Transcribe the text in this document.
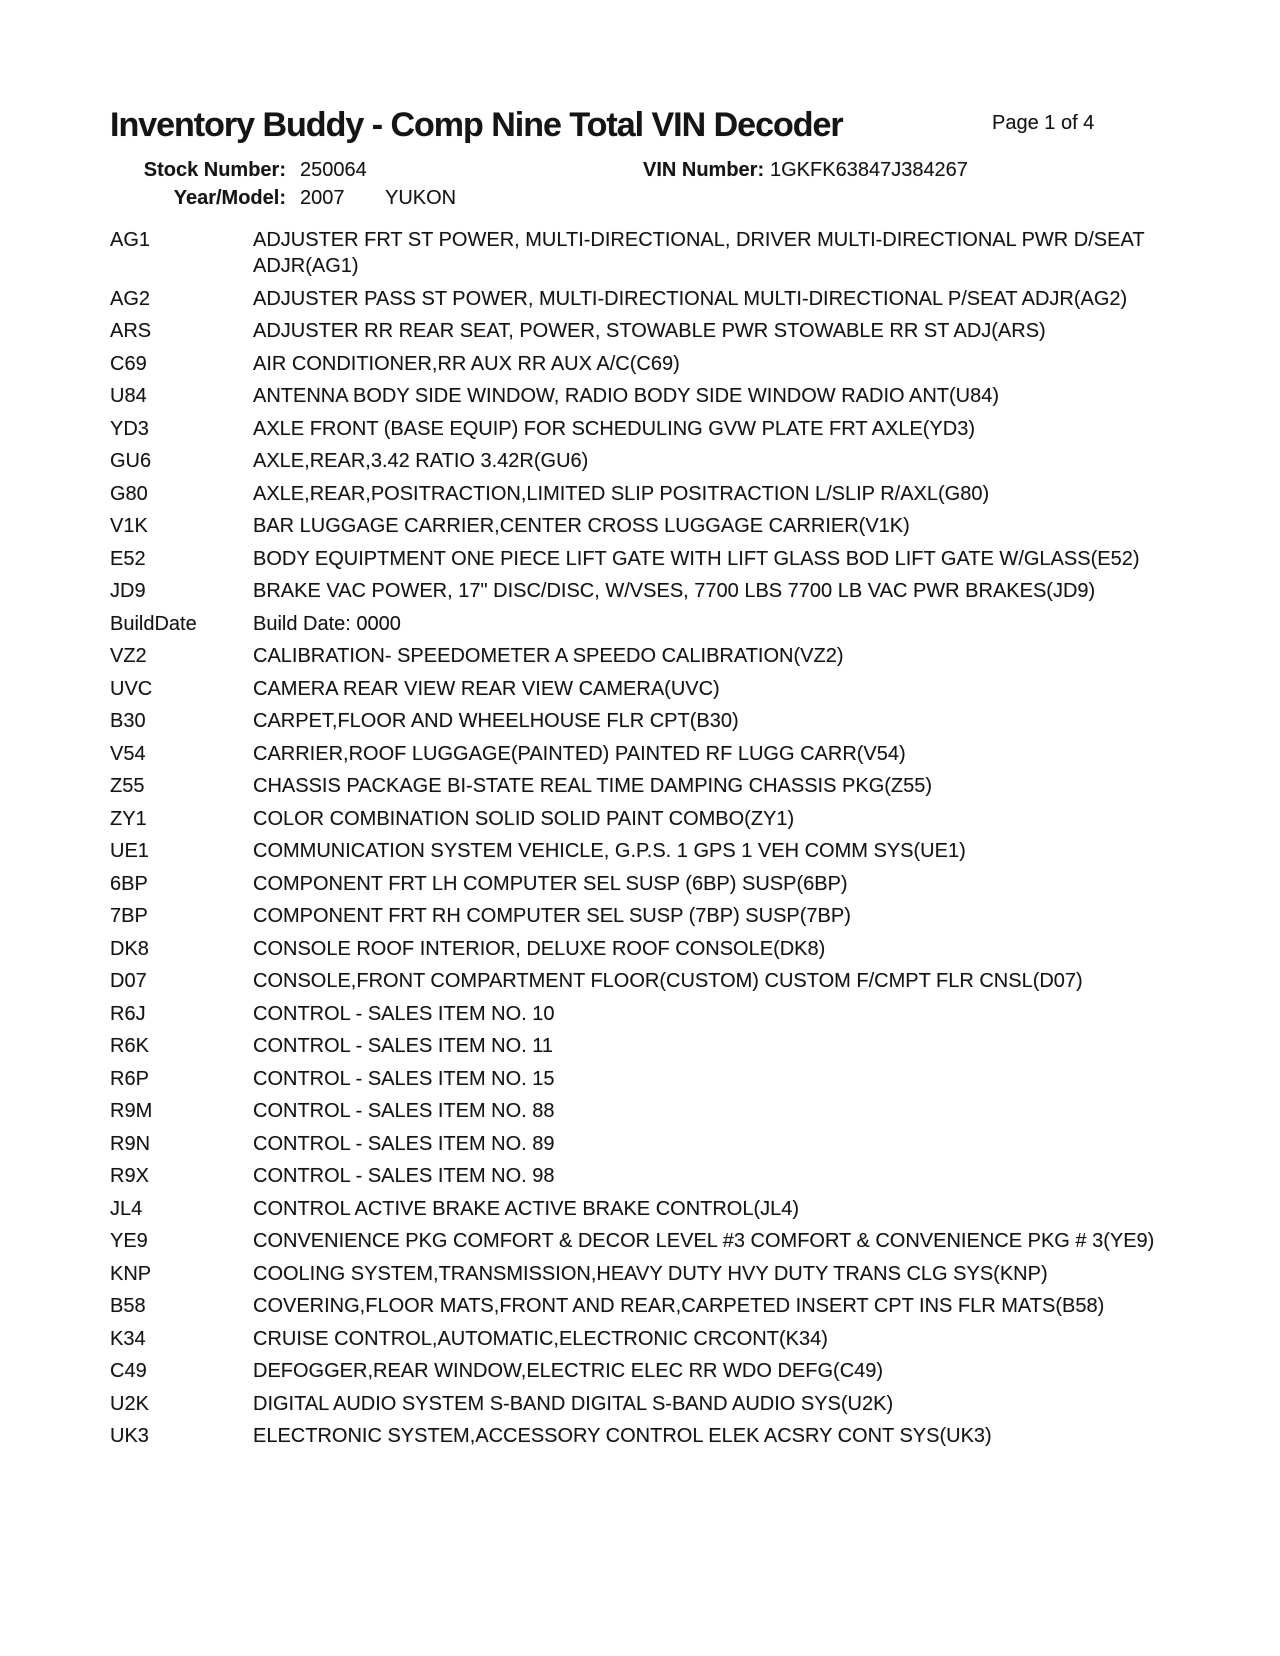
Inventory Buddy - Comp Nine Total VIN Decoder	Page 1 of 4
Stock Number: 250064	VIN Number: 1GKFK63847J384267
Year/Model: 2007 YUKON
AG1	ADJUSTER FRT ST POWER, MULTI-DIRECTIONAL, DRIVER MULTI-DIRECTIONAL PWR D/SEAT ADJR(AG1)
AG2	ADJUSTER PASS ST POWER, MULTI-DIRECTIONAL MULTI-DIRECTIONAL P/SEAT ADJR(AG2)
ARS	ADJUSTER RR REAR SEAT, POWER, STOWABLE PWR STOWABLE RR ST ADJ(ARS)
C69	AIR CONDITIONER,RR AUX RR AUX A/C(C69)
U84	ANTENNA BODY SIDE WINDOW, RADIO BODY SIDE WINDOW RADIO ANT(U84)
YD3	AXLE FRONT (BASE EQUIP) FOR SCHEDULING GVW PLATE FRT AXLE(YD3)
GU6	AXLE,REAR,3.42 RATIO 3.42R(GU6)
G80	AXLE,REAR,POSITRACTION,LIMITED SLIP POSITRACTION L/SLIP R/AXL(G80)
V1K	BAR LUGGAGE CARRIER,CENTER CROSS LUGGAGE CARRIER(V1K)
E52	BODY EQUIPTMENT ONE PIECE LIFT GATE WITH LIFT GLASS BOD LIFT GATE W/GLASS(E52)
JD9	BRAKE VAC POWER, 17" DISC/DISC, W/VSES, 7700 LBS 7700 LB VAC PWR BRAKES(JD9)
BuildDate	Build Date: 0000
VZ2	CALIBRATION- SPEEDOMETER A SPEEDO CALIBRATION(VZ2)
UVC	CAMERA REAR VIEW REAR VIEW CAMERA(UVC)
B30	CARPET,FLOOR AND WHEELHOUSE FLR CPT(B30)
V54	CARRIER,ROOF LUGGAGE(PAINTED) PAINTED RF LUGG CARR(V54)
Z55	CHASSIS PACKAGE BI-STATE REAL TIME DAMPING CHASSIS PKG(Z55)
ZY1	COLOR COMBINATION SOLID SOLID PAINT COMBO(ZY1)
UE1	COMMUNICATION SYSTEM VEHICLE, G.P.S. 1 GPS 1 VEH COMM SYS(UE1)
6BP	COMPONENT FRT LH COMPUTER SEL SUSP (6BP) SUSP(6BP)
7BP	COMPONENT FRT RH COMPUTER SEL SUSP (7BP) SUSP(7BP)
DK8	CONSOLE ROOF INTERIOR, DELUXE ROOF CONSOLE(DK8)
D07	CONSOLE,FRONT COMPARTMENT FLOOR(CUSTOM) CUSTOM F/CMPT FLR CNSL(D07)
R6J	CONTROL - SALES ITEM NO. 10
R6K	CONTROL - SALES ITEM NO. 11
R6P	CONTROL - SALES ITEM NO. 15
R9M	CONTROL - SALES ITEM NO. 88
R9N	CONTROL - SALES ITEM NO. 89
R9X	CONTROL - SALES ITEM NO. 98
JL4	CONTROL ACTIVE BRAKE ACTIVE BRAKE CONTROL(JL4)
YE9	CONVENIENCE PKG COMFORT & DECOR LEVEL #3 COMFORT & CONVENIENCE PKG # 3(YE9)
KNP	COOLING SYSTEM,TRANSMISSION,HEAVY DUTY HVY DUTY TRANS CLG SYS(KNP)
B58	COVERING,FLOOR MATS,FRONT AND REAR,CARPETED INSERT CPT INS FLR MATS(B58)
K34	CRUISE CONTROL,AUTOMATIC,ELECTRONIC CRCONT(K34)
C49	DEFOGGER,REAR WINDOW,ELECTRIC ELEC RR WDO DEFG(C49)
U2K	DIGITAL AUDIO SYSTEM S-BAND DIGITAL S-BAND AUDIO SYS(U2K)
UK3	ELECTRONIC SYSTEM,ACCESSORY CONTROL ELEK ACSRY CONT SYS(UK3)
